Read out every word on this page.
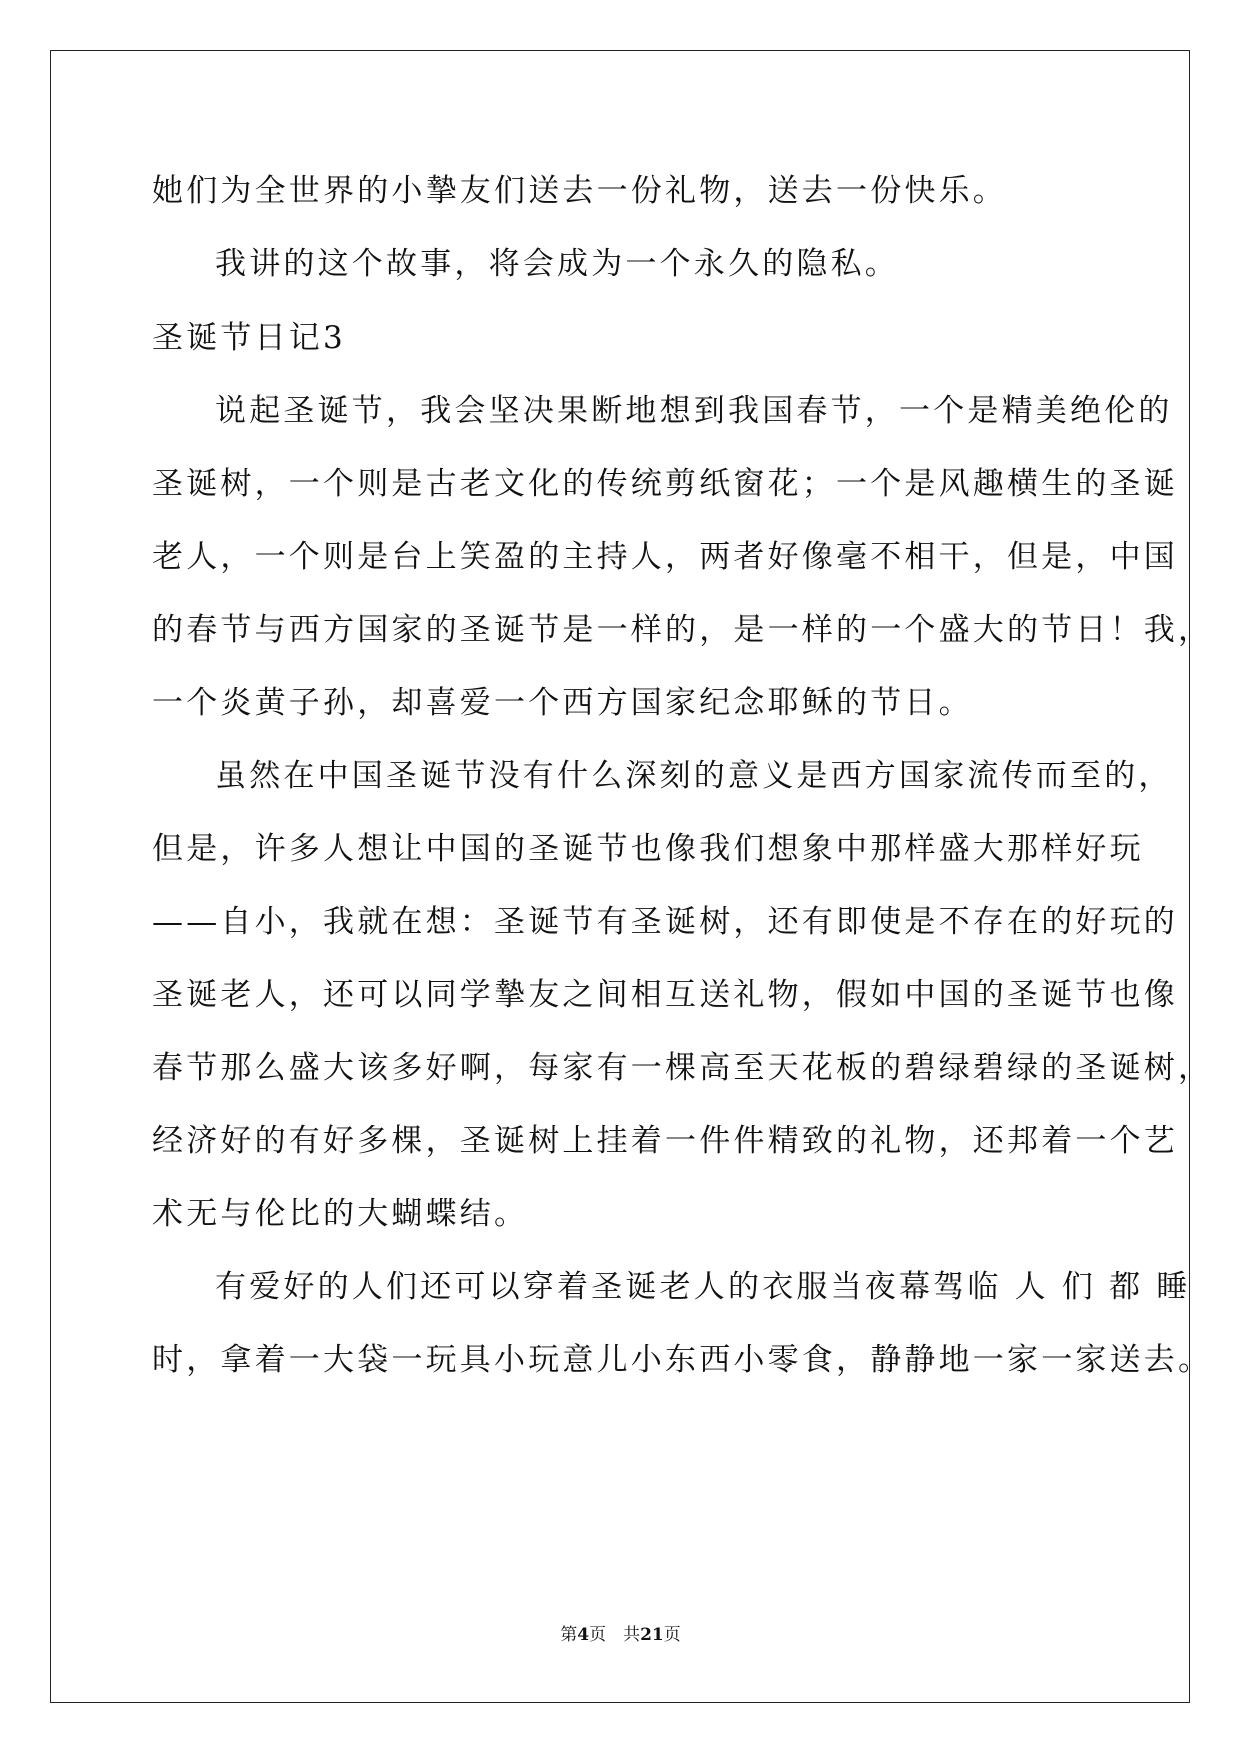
她们为全世界的小摯友们送去一份礼物，送去一份快乐。
我讲的这个故事，将会成为一个永久的隐私。
圣诞节日记3
说起圣诞节，我会坚决果断地想到我国春节，一个是精美绝伦的
圣诞树，一个则是古老文化的传统剪纸窗花；一个是风趣横生的圣诞
老人，一个则是台上笑盈的主持人，两者好像毫不相干，但是，中国
的春节与西方国家的圣诞节是一样的，是一样的一个盛大的节日！我，
一个炎黄子孙，却喜爱一个西方国家纪念耶稣的节日。
虽然在中国圣诞节没有什么深刻的意义是西方国家流传而至的，
但是，许多人想让中国的圣诞节也像我们想象中那样盛大那样好玩
——自小，我就在想：圣诞节有圣诞树，还有即使是不存在的好玩的
圣诞老人，还可以同学摯友之间相互送礼物，假如中国的圣诞节也像
春节那么盛大该多好啊，每家有一棵高至天花板的碧绿碧绿的圣诞树，
经济好的有好多棵，圣诞树上挂着一件件精致的礼物，还邦着一个艺
术无与伦比的大蝴蝶结。
有爱好的人们还可以穿着圣诞老人的衣服当夜幕驾临 人 们 都 睡
时，拿着一大袋一玩具小玩意儿小东西小零食，静静地一家一家送去。
第4页　共21页
